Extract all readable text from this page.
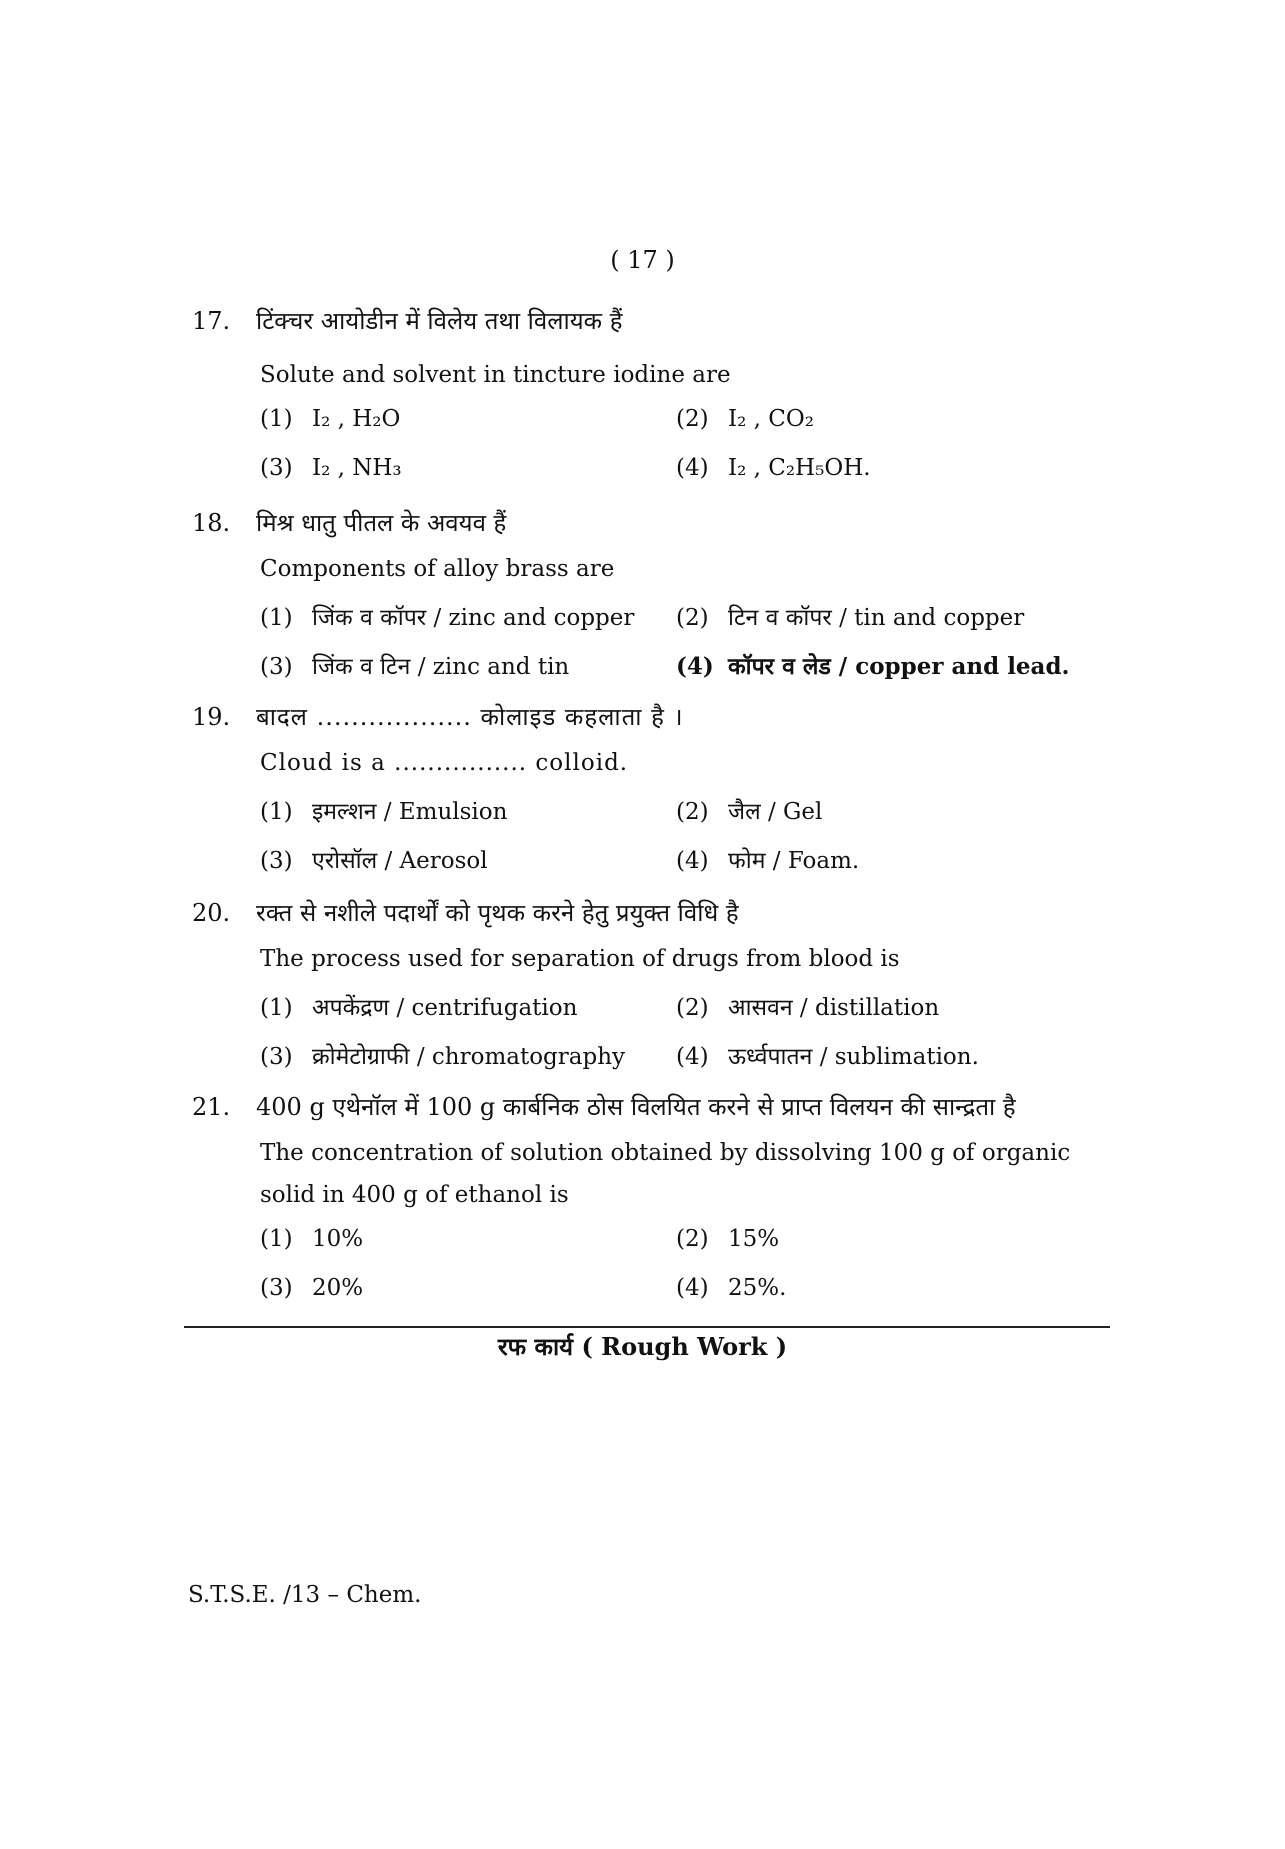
( 17 )
17. टिंक्चर आयोडीन में विलेय तथा विलायक हैं
Solute and solvent in tincture iodine are
(1) I₂ , H₂O	(2) I₂ , CO₂
(3) I₂ , NH₃	(4) I₂ , C₂H₅OH.
18. मिश्र धातु पीतल के अवयव हैं
Components of alloy brass are
(1) जिंक व कॉपर / zinc and copper (2) टिन व कॉपर / tin and copper
(3) जिंक व टिन / zinc and tin	(4) कॉपर व लेड / copper and lead.
19. बादल .................. कोलाइड कहलाता है ।
Cloud is a ................ colloid.
(1) इमल्शन / Emulsion	(2) जैल / Gel
(3) एरोसॉल / Aerosol	(4) फोम / Foam.
20. रक्त से नशीले पदार्थों को पृथक करने हेतु प्रयुक्त विधि है
The process used for separation of drugs from blood is
(1) अपकेंद्रण / centrifugation	(2) आसवन / distillation
(3) क्रोमेटोग्राफी / chromatography (4) ऊर्ध्वपातन / sublimation.
21. 400 g एथेनॉल में 100 g कार्बनिक ठोस विलयित करने से प्राप्त विलयन की सान्द्रता है
The concentration of solution obtained by dissolving 100 g of organic
solid in 400 g of ethanol is
(1) 10%	(2) 15%
(3) 20%	(4) 25%.
रफ कार्य ( Rough Work )
S.T.S.E. /13 – Chem.
